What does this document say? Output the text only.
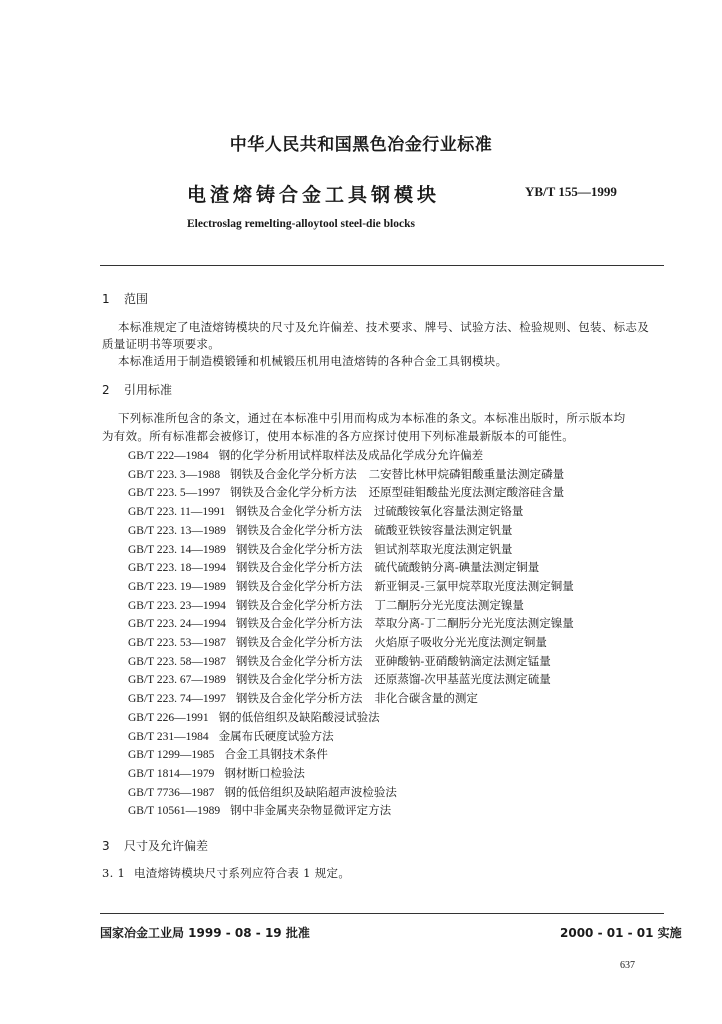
中华人民共和国黑色冶金行业标准
电渣熔铸合金工具钢模块	YB/T 155—1999
Electroslag remelting-alloytool steel-die blocks
1 范围
本标准规定了电渣熔铸模块的尺寸及允许偏差、技术要求、牌号、试验方法、检验规则、包装、标志及
质量证明书等项要求。
本标准适用于制造模锻锤和机械锻压机用电渣熔铸的各种合金工具钢模块。
2 引用标准
下列标准所包含的条文，通过在本标准中引用而构成为本标准的条文。本标准出版时，所示版本均
为有效。所有标准都会被修订，使用本标准的各方应探讨使用下列标准最新版本的可能性。
GB/T 222—1984 钢的化学分析用试样取样法及成品化学成分允许偏差
GB/T 223. 3—1988 钢铁及合金化学分析方法 二安替比林甲烷磷钼酸重量法测定磷量
GB/T 223. 5—1997 钢铁及合金化学分析方法 还原型硅钼酸盐光度法测定酸溶硅含量
GB/T 223. 11—1991 钢铁及合金化学分析方法 过硫酸铵氧化容量法测定铬量
GB/T 223. 13—1989 钢铁及合金化学分析方法 硫酸亚铁铵容量法测定钒量
GB/T 223. 14—1989 钢铁及合金化学分析方法 钽试剂萃取光度法测定钒量
GB/T 223. 18—1994 钢铁及合金化学分析方法 硫代硫酸钠分离-碘量法测定铜量
GB/T 223. 19—1989 钢铁及合金化学分析方法 新亚铜灵-三氯甲烷萃取光度法测定铜量
GB/T 223. 23—1994 钢铁及合金化学分析方法 丁二酮肟分光光度法测定镍量
GB/T 223. 24—1994 钢铁及合金化学分析方法 萃取分离-丁二酮肟分光光度法测定镍量
GB/T 223. 53—1987 钢铁及合金化学分析方法 火焰原子吸收分光光度法测定铜量
GB/T 223. 58—1987 钢铁及合金化学分析方法 亚砷酸钠-亚硝酸钠滴定法测定锰量
GB/T 223. 67—1989 钢铁及合金化学分析方法 还原蒸馏-次甲基蓝光度法测定硫量
GB/T 223. 74—1997 钢铁及合金化学分析方法 非化合碳含量的测定
GB/T 226—1991 钢的低倍组织及缺陷酸浸试验法
GB/T 231—1984 金属布氏硬度试验方法
GB/T 1299—1985 合金工具钢技术条件
GB/T 1814—1979 钢材断口检验法
GB/T 7736—1987 钢的低倍组织及缺陷超声波检验法
GB/T 10561—1989 钢中非金属夹杂物显微评定方法
3 尺寸及允许偏差
3. 1 电渣熔铸模块尺寸系列应符合表 1 规定。
国家冶金工业局 1999 - 08 - 19 批准	2000 - 01 - 01 实施
637
